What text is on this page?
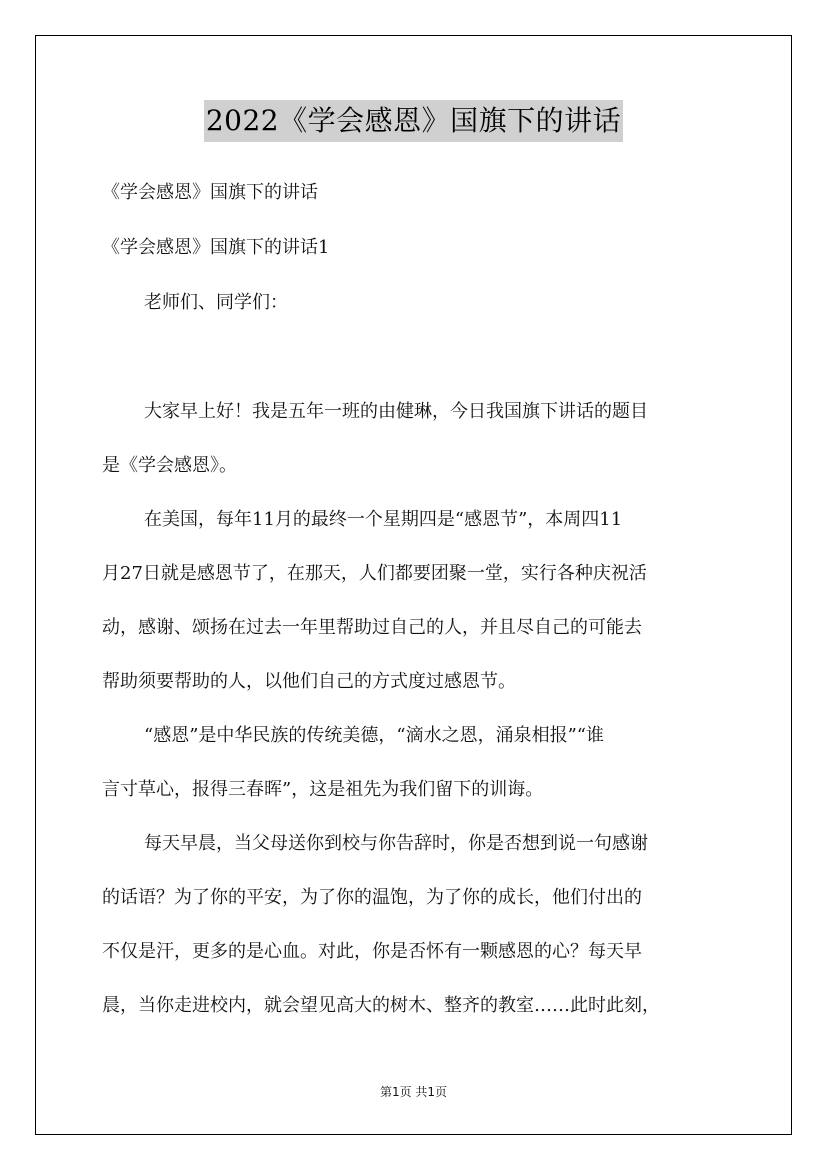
2022《学会感恩》国旗下的讲话
《学会感恩》国旗下的讲话
《学会感恩》国旗下的讲话1
老师们、同学们：
大家早上好！我是五年一班的由健琳，今日我国旗下讲话的题目
是《学会感恩》。
在美国，每年11月的最终一个星期四是“感恩节”，本周四11
月27日就是感恩节了，在那天，人们都要团聚一堂，实行各种庆祝活
动，感谢、颂扬在过去一年里帮助过自己的人，并且尽自己的可能去
帮助须要帮助的人，以他们自己的方式度过感恩节。
“感恩”是中华民族的传统美德，“滴水之恩，涌泉相报”“谁
言寸草心，报得三春晖”，这是祖先为我们留下的训诲。
每天早晨，当父母送你到校与你告辞时，你是否想到说一句感谢
的话语？为了你的平安，为了你的温饱，为了你的成长，他们付出的
不仅是汗，更多的是心血。对此，你是否怀有一颗感恩的心？每天早
晨，当你走进校内，就会望见高大的树木、整齐的教室……此时此刻，
第1页 共1页
